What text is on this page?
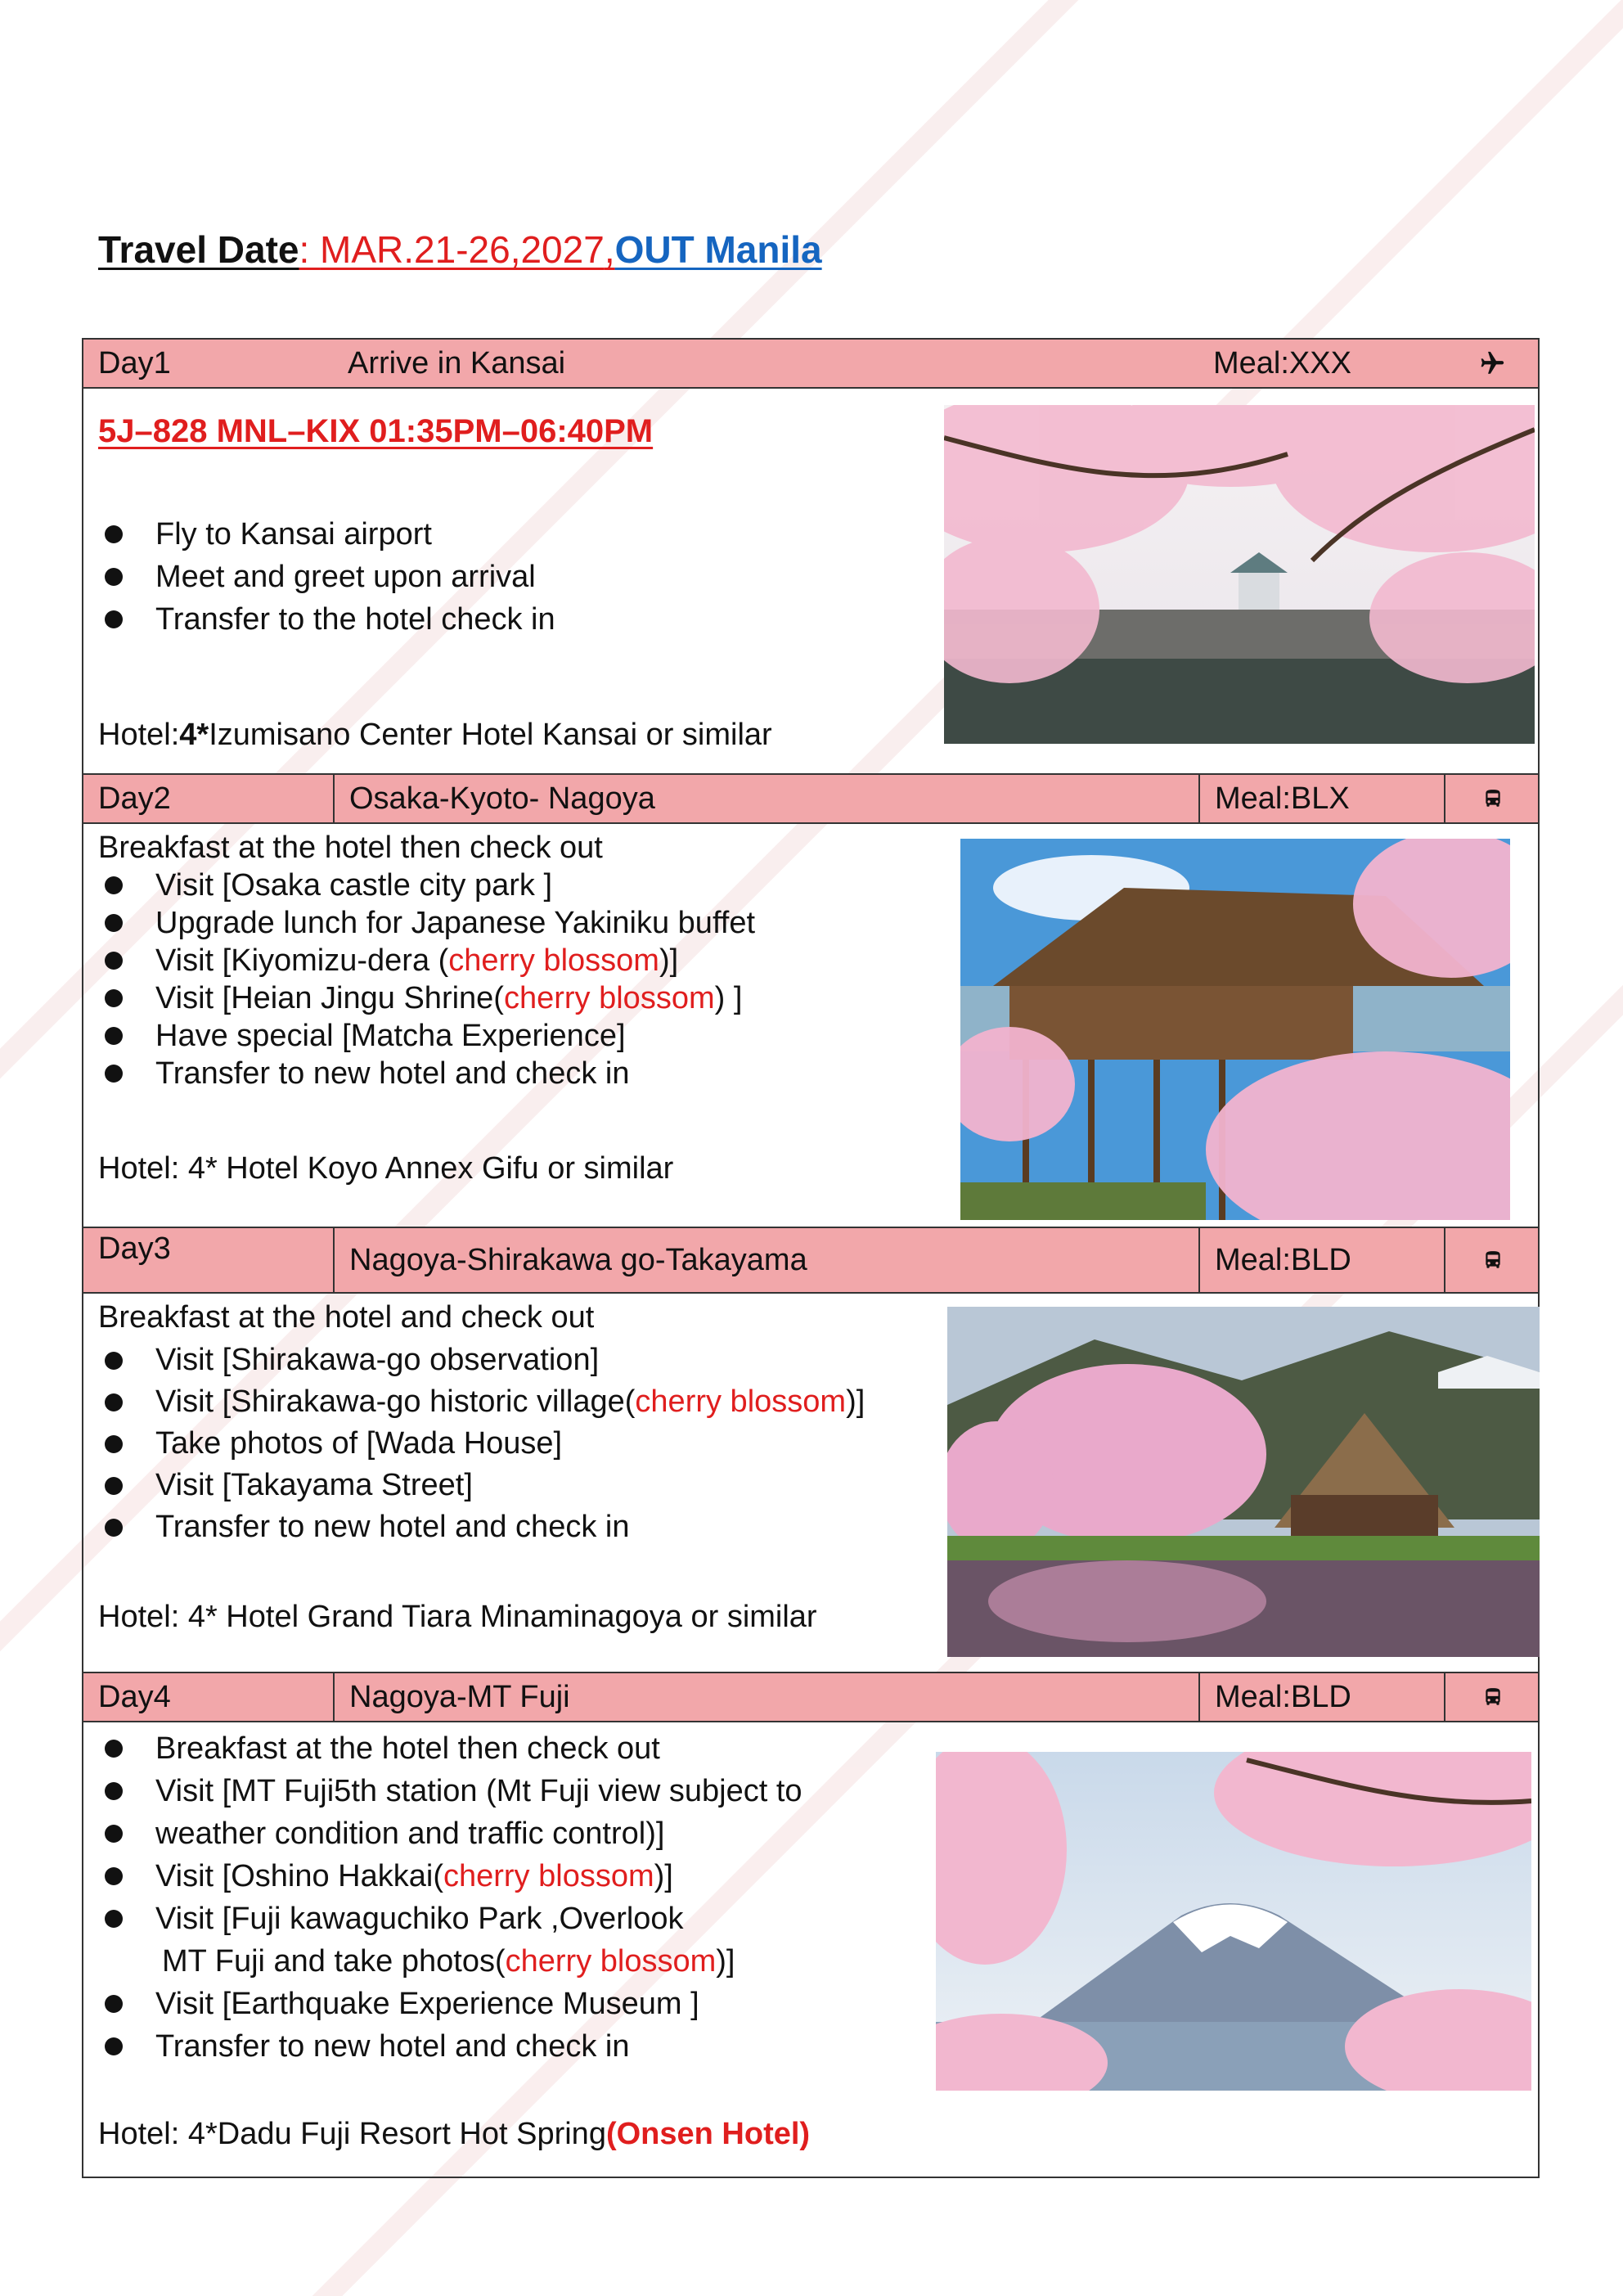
Travel Date: MAR.21-26,2027,OUT Manila
Day1	Arrive in Kansai	Meal:XXX
5J–828 MNL–KIX 01:35PM–06:40PM
Fly to Kansai airport
Meet and greet upon arrival
Transfer to the hotel check in
Hotel:4*Izumisano Center Hotel Kansai or similar
Day2	Osaka-Kyoto- Nagoya	Meal:BLX
Breakfast at the hotel then check out
Visit [Osaka castle city park ]
Upgrade lunch for Japanese Yakiniku buffet
Visit [Kiyomizu-dera (cherry blossom)]
Visit [Heian Jingu Shrine(cherry blossom) ]
Have special [Matcha Experience]
Transfer to new hotel and check in
Hotel: 4* Hotel Koyo Annex Gifu or similar
Day3	Nagoya-Shirakawa go-Takayama	Meal:BLD
Breakfast at the hotel and check out
Visit [Shirakawa-go observation]
Visit [Shirakawa-go historic village(cherry blossom)]
Take photos of [Wada House]
Visit [Takayama Street]
Transfer to new hotel and check in
Hotel: 4* Hotel Grand Tiara Minaminagoya or similar
Day4	Nagoya-MT Fuji	Meal:BLD
Breakfast at the hotel then check out
Visit [MT Fuji5th station (Mt Fuji view subject to
weather condition and traffic control)]
Visit [Oshino Hakkai(cherry blossom)]
Visit [Fuji kawaguchiko Park ,Overlook
MT Fuji and take photos(cherry blossom)]
Visit [Earthquake Experience Museum ]
Transfer to new hotel and check in
Hotel: 4*Dadu Fuji Resort Hot Spring(Onsen Hotel)
